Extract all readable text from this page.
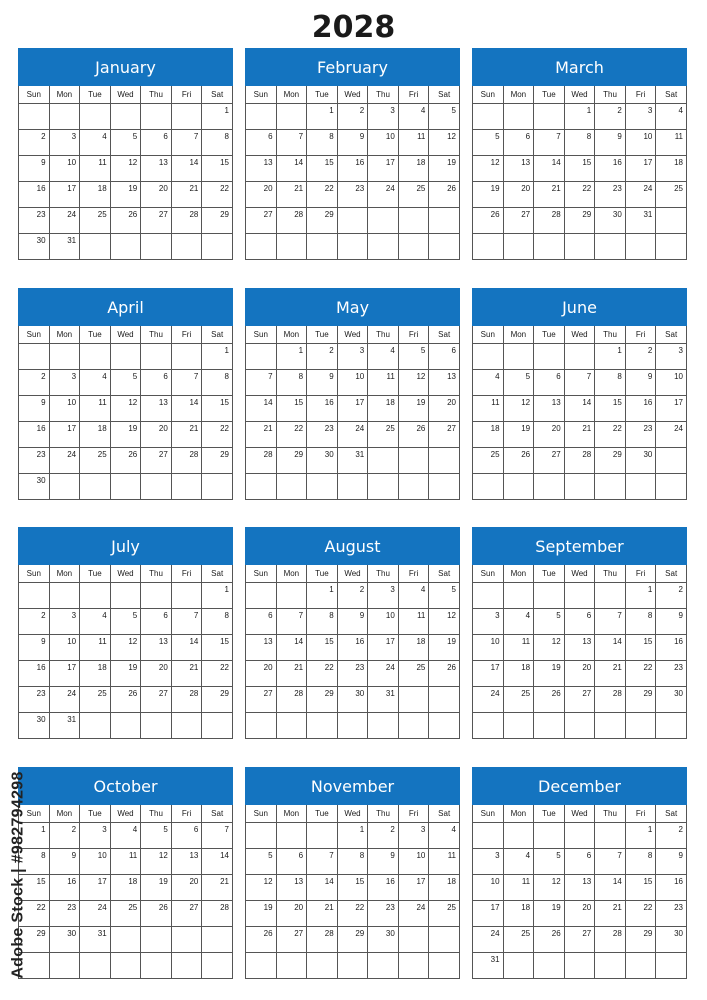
2028
January
Sun	Mon	Tue	Wed	Thu	Fri	Sat
						1
2	3	4	5	6	7	8
9	10	11	12	13	14	15
16	17	18	19	20	21	22
23	24	25	26	27	28	29
30	31					
February
Sun	Mon	Tue	Wed	Thu	Fri	Sat
		1	2	3	4	5
6	7	8	9	10	11	12
13	14	15	16	17	18	19
20	21	22	23	24	25	26
27	28	29				

March
Sun	Mon	Tue	Wed	Thu	Fri	Sat
			1	2	3	4
5	6	7	8	9	10	11
12	13	14	15	16	17	18
19	20	21	22	23	24	25
26	27	28	29	30	31	

April
Sun	Mon	Tue	Wed	Thu	Fri	Sat
						1
2	3	4	5	6	7	8
9	10	11	12	13	14	15
16	17	18	19	20	21	22
23	24	25	26	27	28	29
30						
May
Sun	Mon	Tue	Wed	Thu	Fri	Sat
	1	2	3	4	5	6
7	8	9	10	11	12	13
14	15	16	17	18	19	20
21	22	23	24	25	26	27
28	29	30	31			

June
Sun	Mon	Tue	Wed	Thu	Fri	Sat
				1	2	3
4	5	6	7	8	9	10
11	12	13	14	15	16	17
18	19	20	21	22	23	24
25	26	27	28	29	30	

July
Sun	Mon	Tue	Wed	Thu	Fri	Sat
						1
2	3	4	5	6	7	8
9	10	11	12	13	14	15
16	17	18	19	20	21	22
23	24	25	26	27	28	29
30	31					
August
Sun	Mon	Tue	Wed	Thu	Fri	Sat
		1	2	3	4	5
6	7	8	9	10	11	12
13	14	15	16	17	18	19
20	21	22	23	24	25	26
27	28	29	30	31		

September
Sun	Mon	Tue	Wed	Thu	Fri	Sat
					1	2
3	4	5	6	7	8	9
10	11	12	13	14	15	16
17	18	19	20	21	22	23
24	25	26	27	28	29	30

October
Sun	Mon	Tue	Wed	Thu	Fri	Sat
1	2	3	4	5	6	7
8	9	10	11	12	13	14
15	16	17	18	19	20	21
22	23	24	25	26	27	28
29	30	31				

November
Sun	Mon	Tue	Wed	Thu	Fri	Sat
			1	2	3	4
5	6	7	8	9	10	11
12	13	14	15	16	17	18
19	20	21	22	23	24	25
26	27	28	29	30		

December
Sun	Mon	Tue	Wed	Thu	Fri	Sat
					1	2
3	4	5	6	7	8	9
10	11	12	13	14	15	16
17	18	19	20	21	22	23
24	25	26	27	28	29	30
31						
Adobe Stock | #982794298
